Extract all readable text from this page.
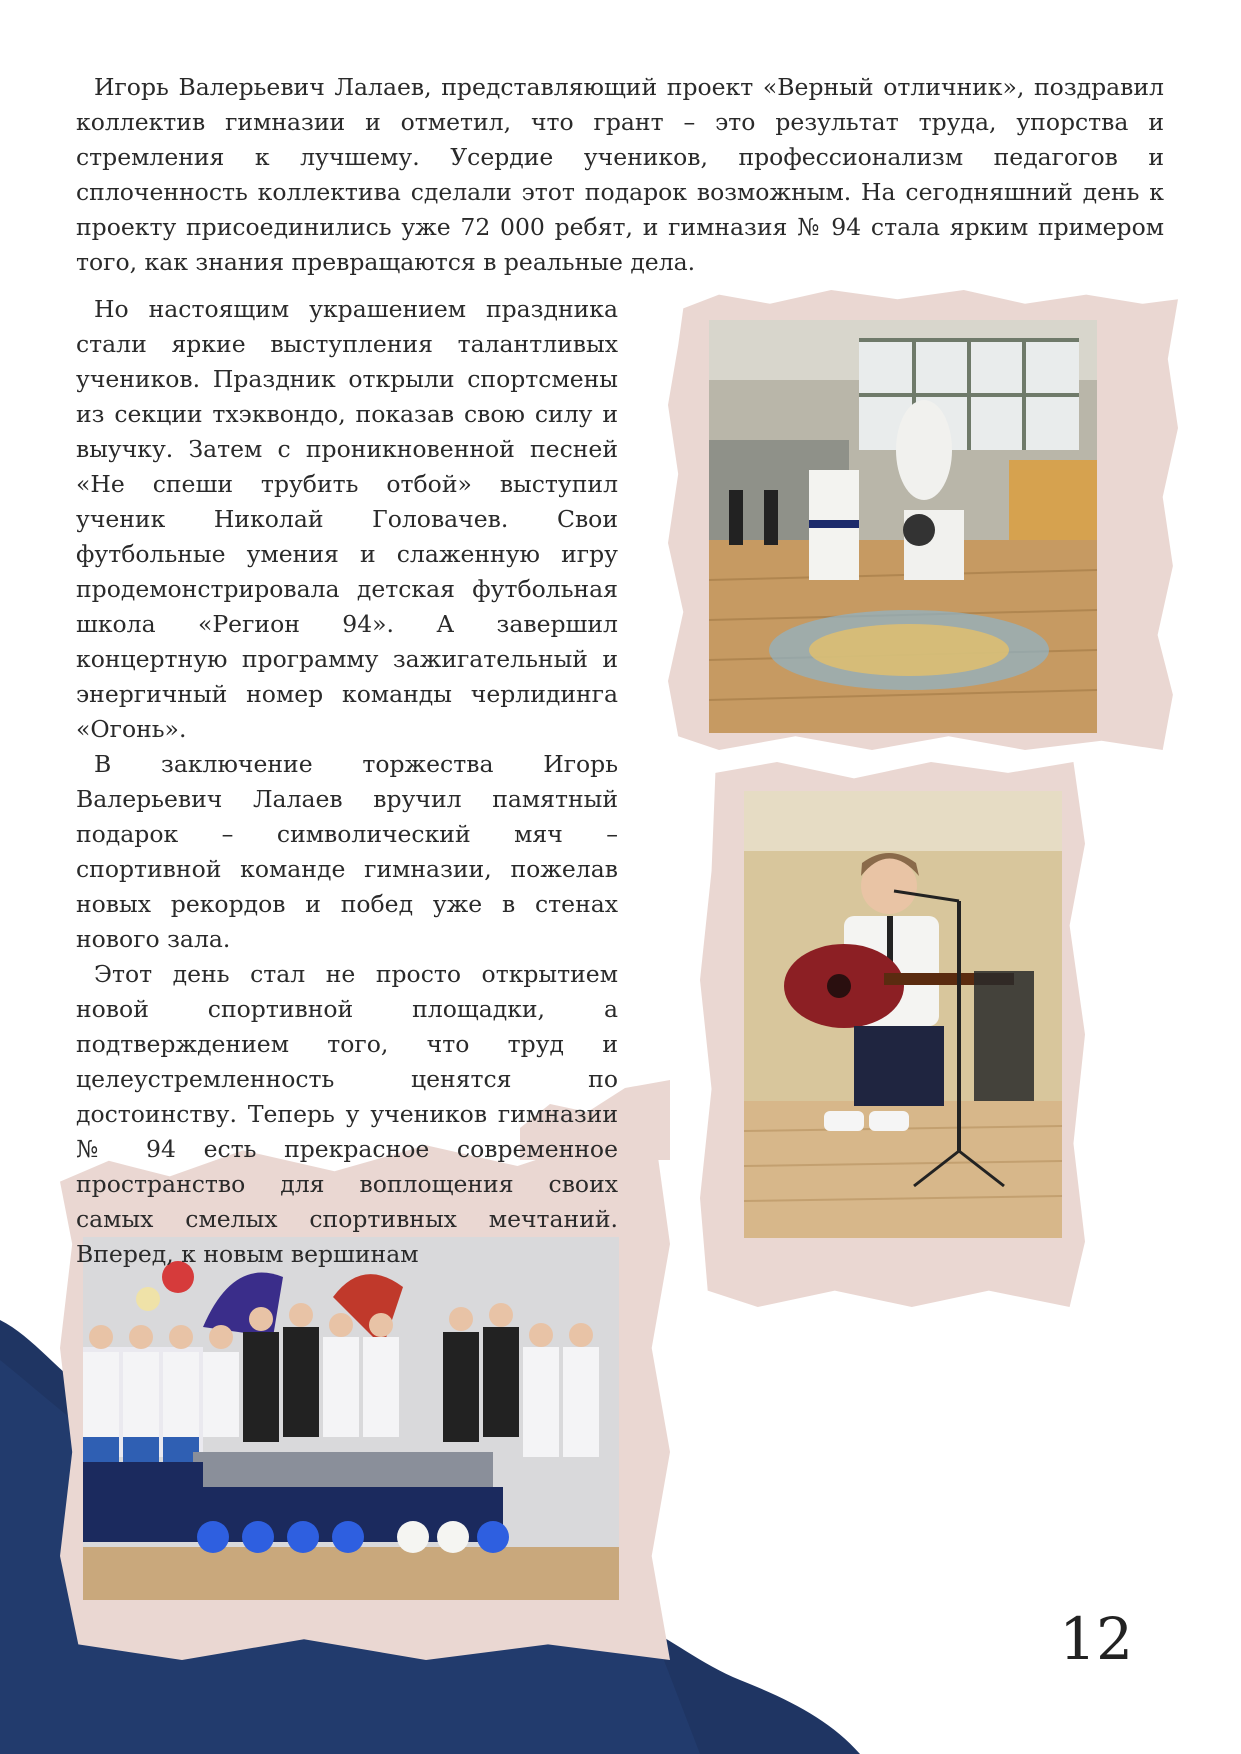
Игорь Валерьевич Лалаев, представляющий проект «Верный отличник», поздравил коллектив гимназии и отметил, что грант – это результат труда, упорства и стремления к лучшему. Усердие учеников, профессионализм педагогов и сплоченность коллектива сделали этот подарок возможным. На сегодняшний день к проекту присоединились уже 72 000 ребят, и гимназия № 94 стала ярким примером того, как знания превращаются в реальные дела.

Но настоящим украшением праздника стали яркие выступления талантливых учеников. Праздник открыли спортсмены из секции тхэквондо, показав свою силу и выучку. Затем с проникновенной песней «Не спеши трубить отбой» выступил ученик Николай Головачев. Свои футбольные умения и слаженную игру продемонстрировала детская футбольная школа «Регион 94». А завершил концертную программу зажигательный и энергичный номер команды черлидинга «Огонь».

В заключение торжества Игорь Валерьевич Лалаев вручил памятный подарок – символический мяч – спортивной команде гимназии, пожелав новых рекордов и побед уже в стенах нового зала.

Этот день стал не просто открытием новой спортивной площадки, а подтверждением того, что труд и целеустремленность ценятся по достоинству. Теперь у учеников гимназии № 94 есть прекрасное современное пространство для воплощения своих самых смелых спортивных мечтаний. Вперед, к новым вершинам

12
